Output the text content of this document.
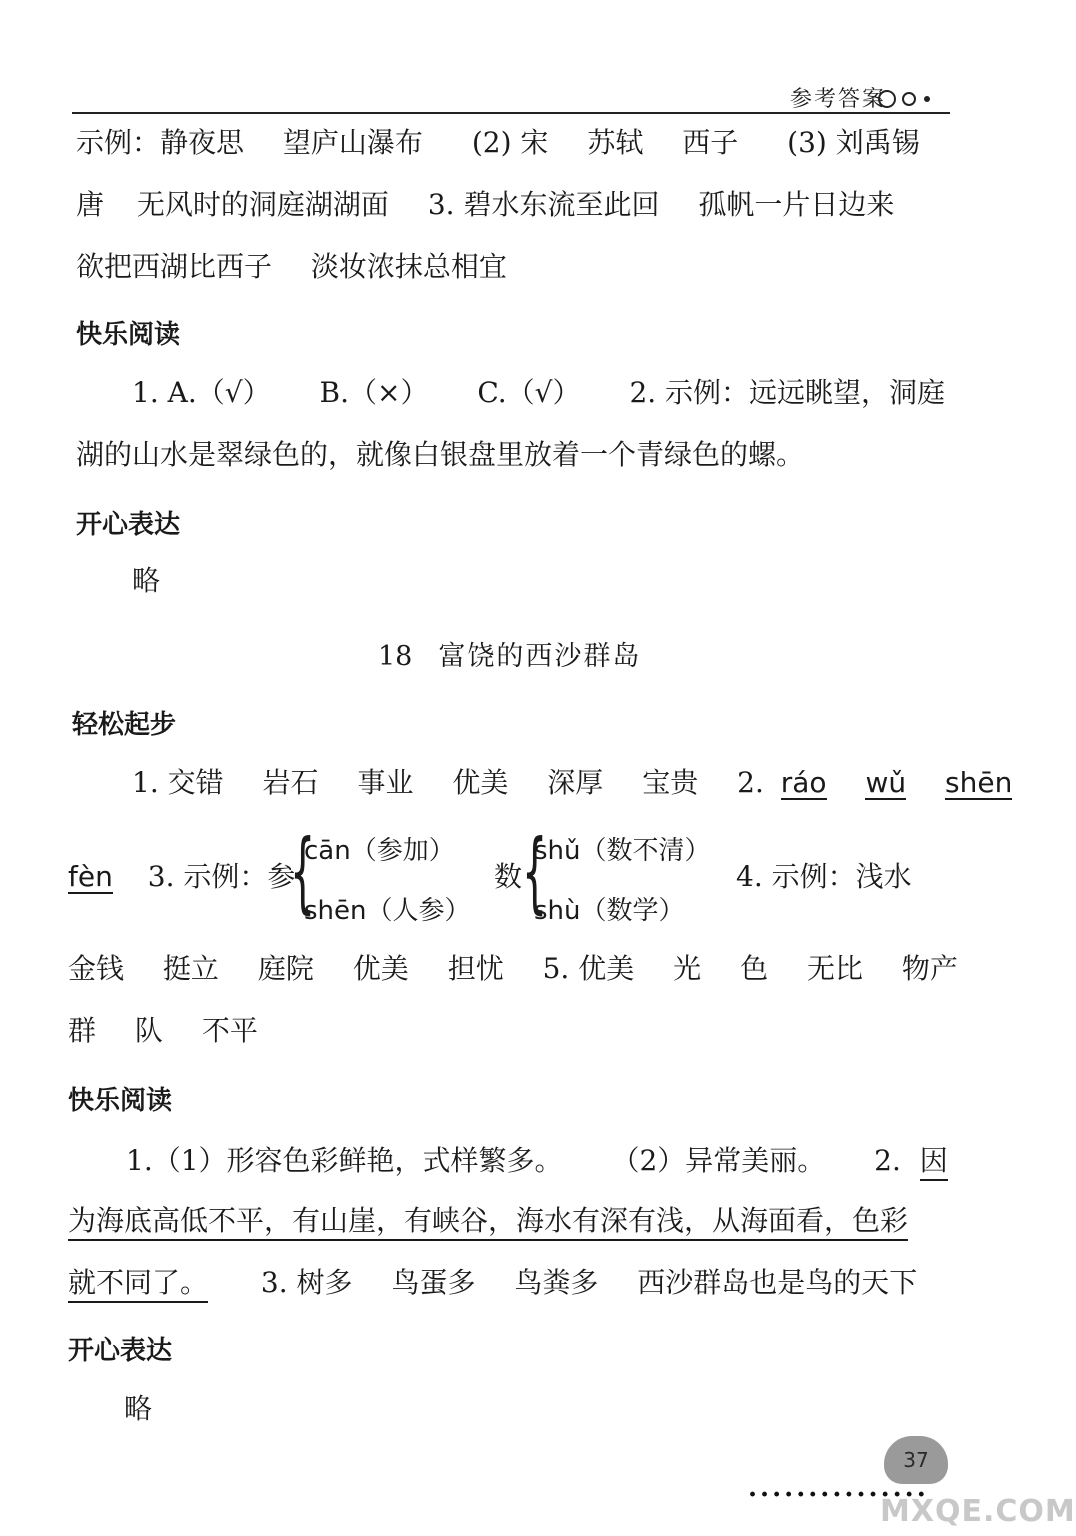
参考答案
示例：静夜思 望庐山瀑布 (2) 宋 苏轼 西子 (3) 刘禹锡
唐 无风时的洞庭湖湖面 3. 碧水东流至此回 孤帆一片日边来
欲把西湖比西子 淡妆浓抹总相宜
快乐阅读
1. A.（√） B.（×） C.（√） 2. 示例：远远眺望，洞庭
湖的山水是翠绿色的，就像白银盘里放着一个青绿色的螺。
开心表达
略
18 富饶的西沙群岛
轻松起步
1. 交错 岩石 事业 优美 深厚 宝贵 2. ráo wǔ shēn
fèn 3. 示例：参
{
cān（参加）
shēn（人参）
数 {
shǔ（数不清）
shù（数学）
4. 示例：浅水
金钱 挺立 庭院 优美 担忧 5. 优美 光 色 无比 物产
群 队 不平
快乐阅读
1.（1）形容色彩鲜艳，式样繁多。 （2）异常美丽。 2. 因
为海底高低不平，有山崖，有峡谷，海水有深有浅，从海面看，色彩
就不同了。 3. 树多 鸟蛋多 鸟粪多 西沙群岛也是鸟的天下
开心表达
略
37
···············
MXQE.COM
